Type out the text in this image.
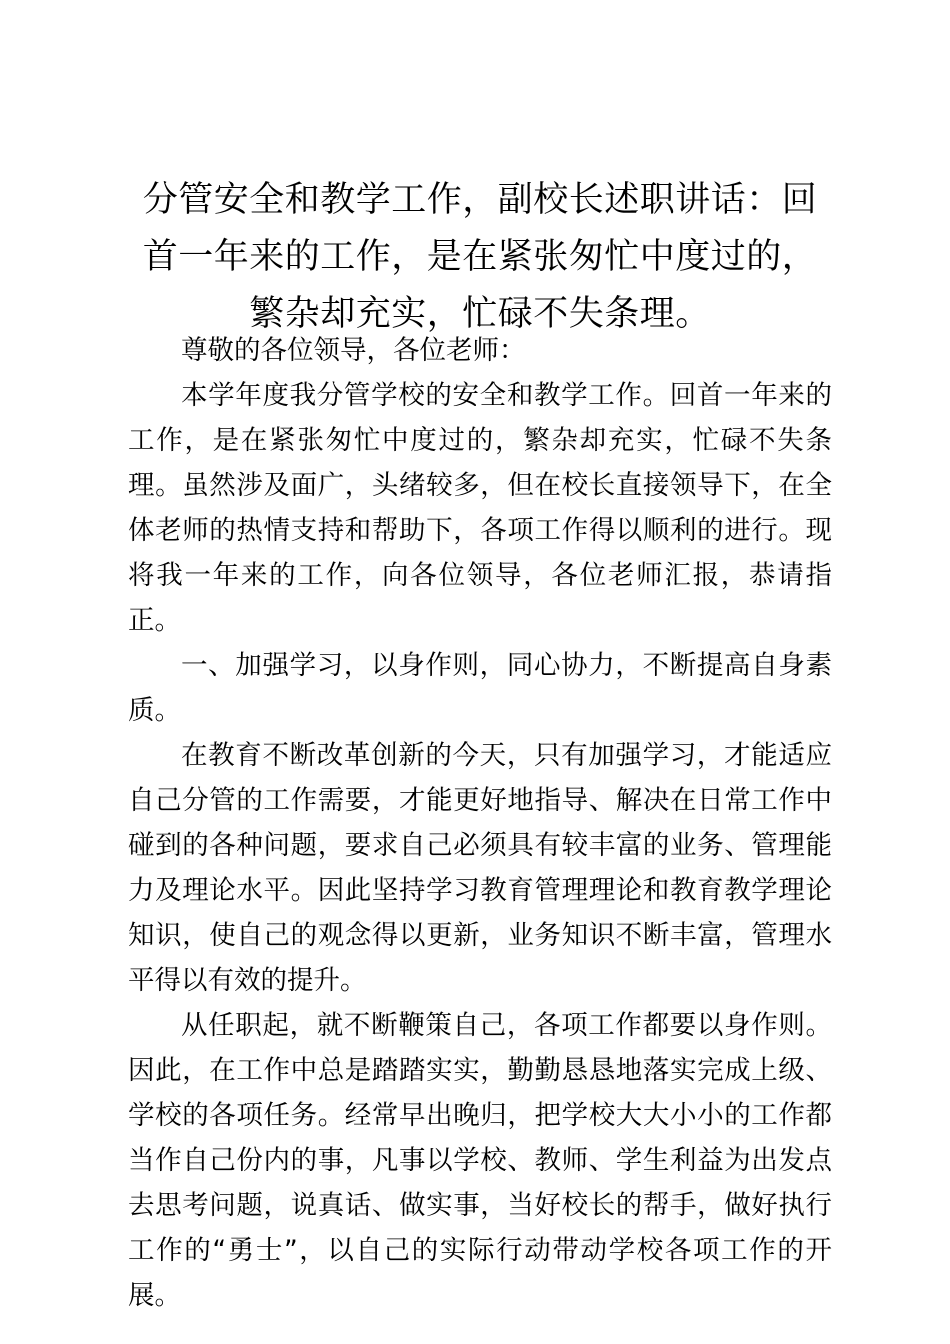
分管安全和教学工作，副校长述职讲话：回首一年来的工作，是在紧张匆忙中度过的，繁杂却充实，忙碌不失条理。

尊敬的各位领导，各位老师：

本学年度我分管学校的安全和教学工作。回首一年来的工作，是在紧张匆忙中度过的，繁杂却充实，忙碌不失条理。虽然涉及面广，头绪较多，但在校长直接领导下，在全体老师的热情支持和帮助下，各项工作得以顺利的进行。现将我一年来的工作，向各位领导，各位老师汇报，恭请指正。

一、加强学习，以身作则，同心协力，不断提高自身素质。

在教育不断改革创新的今天，只有加强学习，才能适应自己分管的工作需要，才能更好地指导、解决在日常工作中碰到的各种问题，要求自己必须具有较丰富的业务、管理能力及理论水平。因此坚持学习教育管理理论和教育教学理论知识，使自己的观念得以更新，业务知识不断丰富，管理水平得以有效的提升。

从任职起，就不断鞭策自己，各项工作都要以身作则。因此，在工作中总是踏踏实实，勤勤恳恳地落实完成上级、学校的各项任务。经常早出晚归，把学校大大小小的工作都当作自己份内的事，凡事以学校、教师、学生利益为出发点去思考问题，说真话、做实事，当好校长的帮手，做好执行工作的“勇士”，以自己的实际行动带动学校各项工作的开展。
